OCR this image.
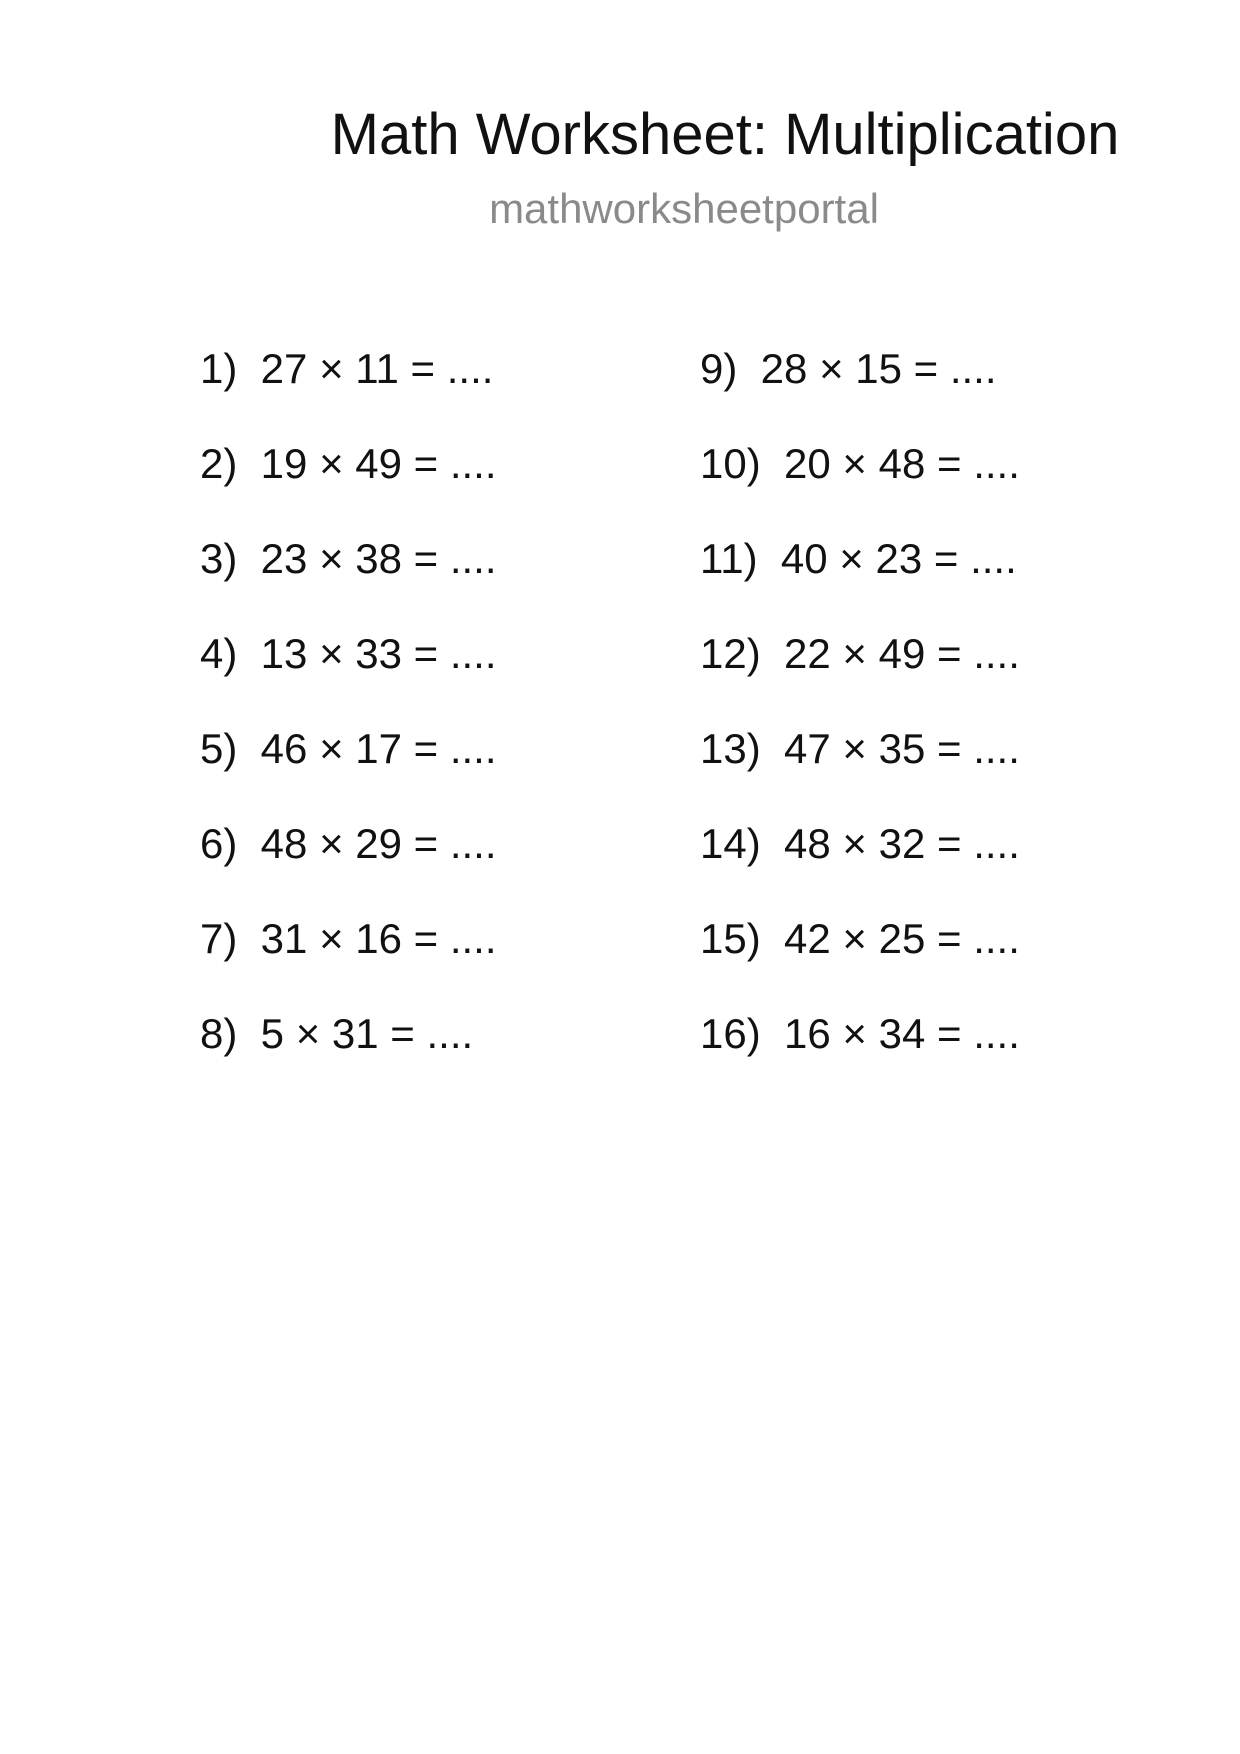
Math Worksheet: Multiplication
mathworksheetportal
1)  27 × 11 = ....
2)  19 × 49 = ....
3)  23 × 38 = ....
4)  13 × 33 = ....
5)  46 × 17 = ....
6)  48 × 29 = ....
7)  31 × 16 = ....
8)  5 × 31 = ....
9)  28 × 15 = ....
10)  20 × 48 = ....
11)  40 × 23 = ....
12)  22 × 49 = ....
13)  47 × 35 = ....
14)  48 × 32 = ....
15)  42 × 25 = ....
16)  16 × 34 = ....
